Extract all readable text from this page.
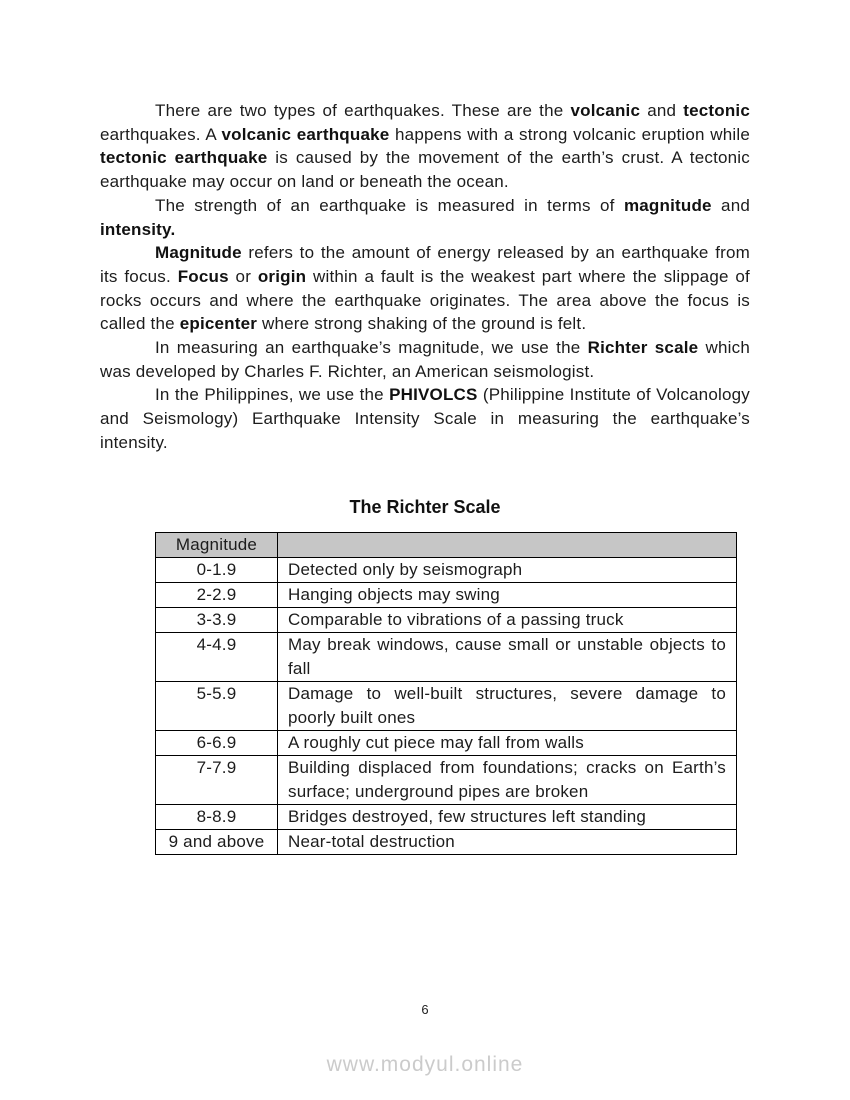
There are two types of earthquakes. These are the volcanic and tectonic earthquakes. A volcanic earthquake happens with a strong volcanic eruption while tectonic earthquake is caused by the movement of the earth’s crust. A tectonic earthquake may occur on land or beneath the ocean.

The strength of an earthquake is measured in terms of magnitude and intensity.

Magnitude refers to the amount of energy released by an earthquake from its focus. Focus or origin within a fault is the weakest part where the slippage of rocks occurs and where the earthquake originates. The area above the focus is called the epicenter where strong shaking of the ground is felt.

In measuring an earthquake’s magnitude, we use the Richter scale which was developed by Charles F. Richter, an American seismologist.

In the Philippines, we use the PHIVOLCS (Philippine Institute of Volcanology and Seismology) Earthquake Intensity Scale in measuring the earthquake’s intensity.

The Richter Scale

Magnitude	
0-1.9	Detected only by seismograph
2-2.9	Hanging objects may swing
3-3.9	Comparable to vibrations of a passing truck
4-4.9	May break windows, cause small or unstable objects to fall
5-5.9	Damage to well-built structures, severe damage to poorly built ones
6-6.9	A roughly cut piece may fall from walls
7-7.9	Building displaced from foundations; cracks on Earth’s surface; underground pipes are broken
8-8.9	Bridges destroyed, few structures left standing
9 and above	Near-total destruction
6
www.modyul.online
